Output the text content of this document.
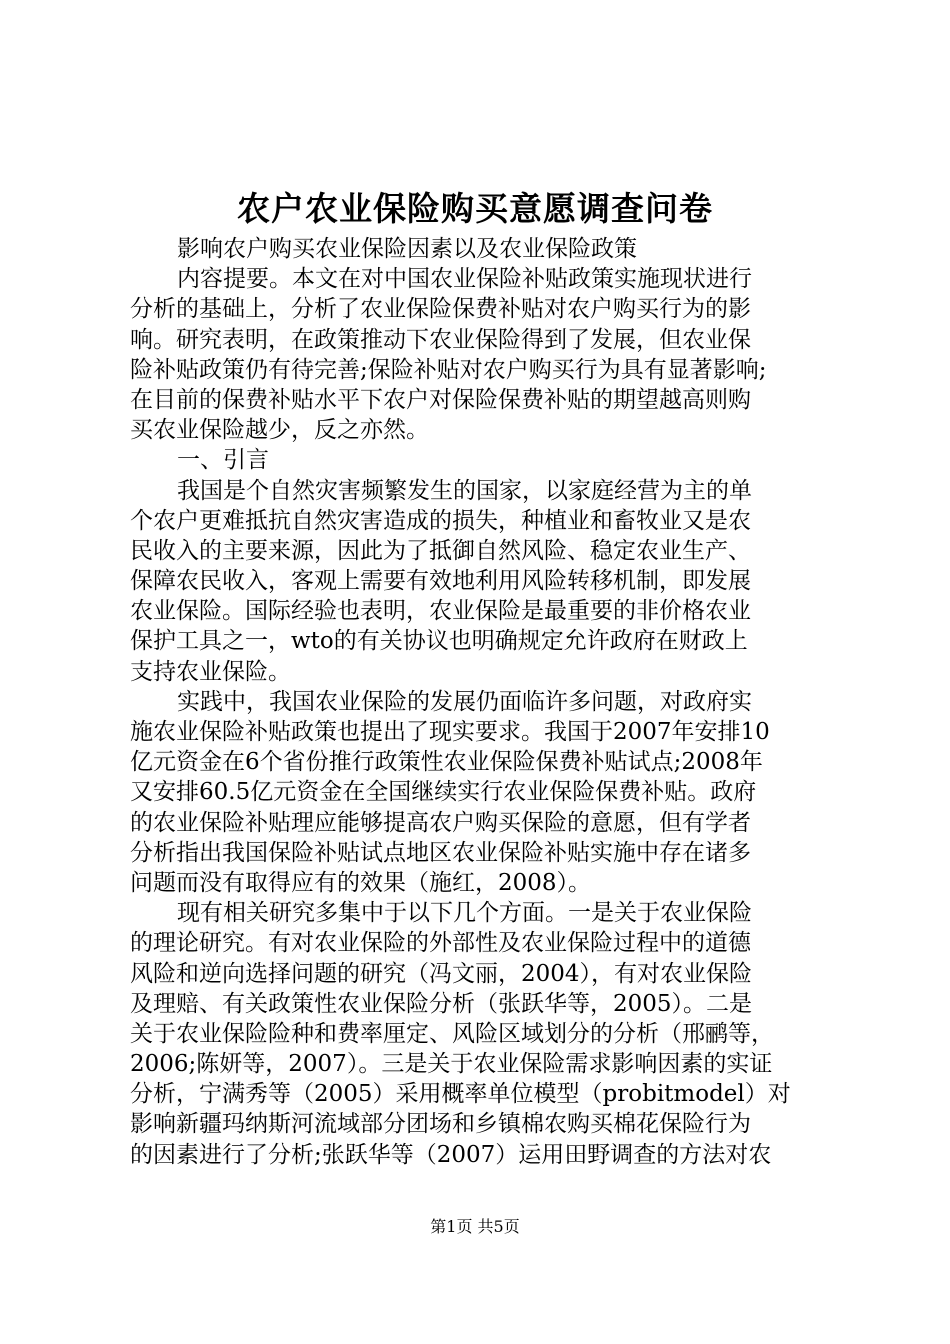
农户农业保险购买意愿调查问卷
影响农户购买农业保险因素以及农业保险政策
内容提要。本文在对中国农业保险补贴政策实施现状进行
分析的基础上，分析了农业保险保费补贴对农户购买行为的影
响。研究表明，在政策推动下农业保险得到了发展，但农业保
险补贴政策仍有待完善;保险补贴对农户购买行为具有显著影响;
在目前的保费补贴水平下农户对保险保费补贴的期望越高则购
买农业保险越少，反之亦然。
一、引言
我国是个自然灾害频繁发生的国家，以家庭经营为主的单
个农户更难抵抗自然灾害造成的损失，种植业和畜牧业又是农
民收入的主要来源，因此为了抵御自然风险、稳定农业生产、
保障农民收入，客观上需要有效地利用风险转移机制，即发展
农业保险。国际经验也表明，农业保险是最重要的非价格农业
保护工具之一，wto的有关协议也明确规定允许政府在财政上
支持农业保险。
实践中，我国农业保险的发展仍面临许多问题，对政府实
施农业保险补贴政策也提出了现实要求。我国于2007年安排10
亿元资金在6个省份推行政策性农业保险保费补贴试点;2008年
又安排60.5亿元资金在全国继续实行农业保险保费补贴。政府
的农业保险补贴理应能够提高农户购买保险的意愿，但有学者
分析指出我国保险补贴试点地区农业保险补贴实施中存在诸多
问题而没有取得应有的效果（施红，2008）。
现有相关研究多集中于以下几个方面。一是关于农业保险
的理论研究。有对农业保险的外部性及农业保险过程中的道德
风险和逆向选择问题的研究（冯文丽，2004），有对农业保险
及理赔、有关政策性农业保险分析（张跃华等，2005）。二是
关于农业保险险种和费率厘定、风险区域划分的分析（邢鹂等，
2006;陈妍等，2007）。三是关于农业保险需求影响因素的实证
分析，宁满秀等（2005）采用概率单位模型（probitmodel）对
影响新疆玛纳斯河流域部分团场和乡镇棉农购买棉花保险行为
的因素进行了分析;张跃华等（2007）运用田野调查的方法对农
第1页 共5页
